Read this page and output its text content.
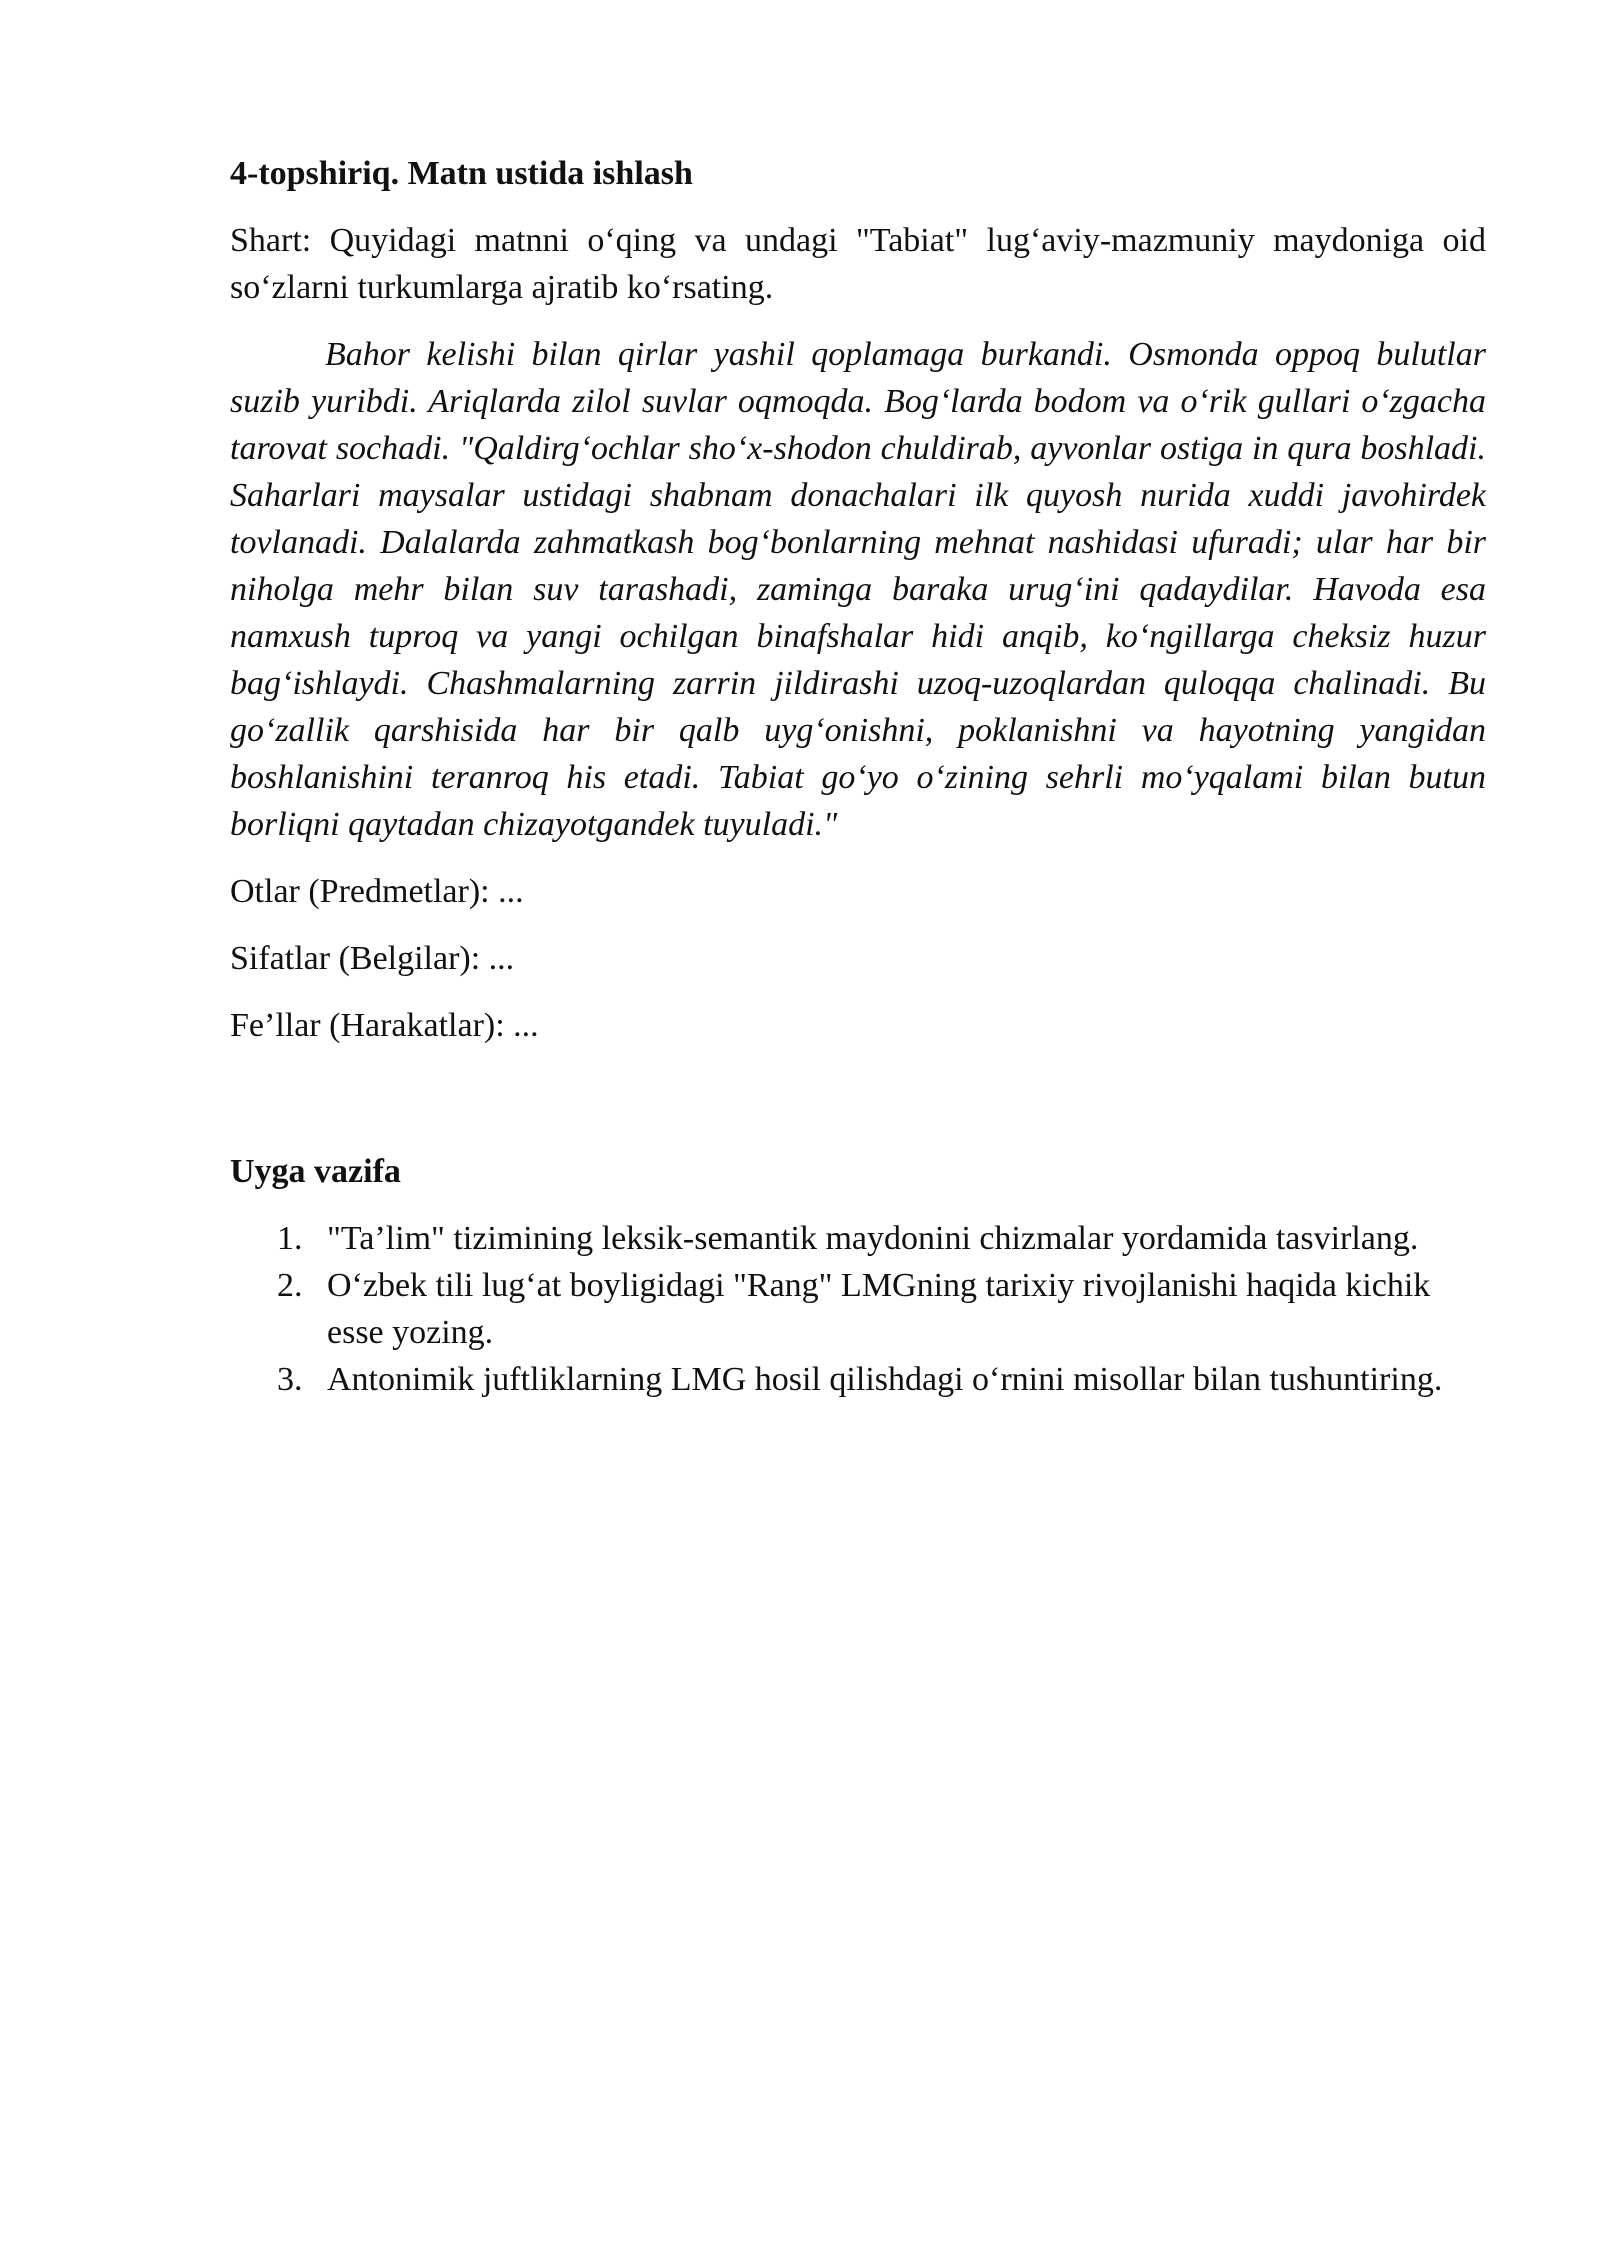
4-topshiriq. Matn ustida ishlash

Shart: Quyidagi matnni o‘qing va undagi "Tabiat" lug‘aviy-mazmuniy maydoniga oid so‘zlarni turkumlarga ajratib ko‘rsating.

Bahor kelishi bilan qirlar yashil qoplamaga burkandi. Osmonda oppoq bulutlar suzib yuribdi. Ariqlarda zilol suvlar oqmoqda. Bog‘larda bodom va o‘rik gullari o‘zgacha tarovat sochadi. "Qaldirg‘ochlar sho‘x-shodon chuldirab, ayvonlar ostiga in qura boshladi. Saharlari maysalar ustidagi shabnam donachalari ilk quyosh nurida xuddi javohirdek tovlanadi. Dalalarda zahmatkash bog‘bonlarning mehnat nashidasi ufuradi; ular har bir niholga mehr bilan suv tarashadi, zaminga baraka urug‘ini qadaydilar. Havoda esa namxush tuproq va yangi ochilgan binafshalar hidi anqib, ko‘ngillarga cheksiz huzur bag‘ishlaydi. Chashmalarning zarrin jildirashi uzoq-uzoqlardan quloqqa chalinadi. Bu go‘zallik qarshisida har bir qalb uyg‘onishni, poklanishni va hayotning yangidan boshlanishini teranroq his etadi. Tabiat go‘yo o‘zining sehrli mo‘yqalami bilan butun borliqni qaytadan chizayotgandek tuyuladi."

Otlar (Predmetlar): ...

Sifatlar (Belgilar): ...

Fe’llar (Harakatlar): ...

Uyga vazifa

1. "Ta’lim" tizimining leksik-semantik maydonini chizmalar yordamida tasvirlang.
2. O‘zbek tili lug‘at boyligidagi "Rang" LMGning tarixiy rivojlanishi haqida kichik esse yozing.
3. Antonimik juftliklarning LMG hosil qilishdagi o‘rnini misollar bilan tushuntiring.
